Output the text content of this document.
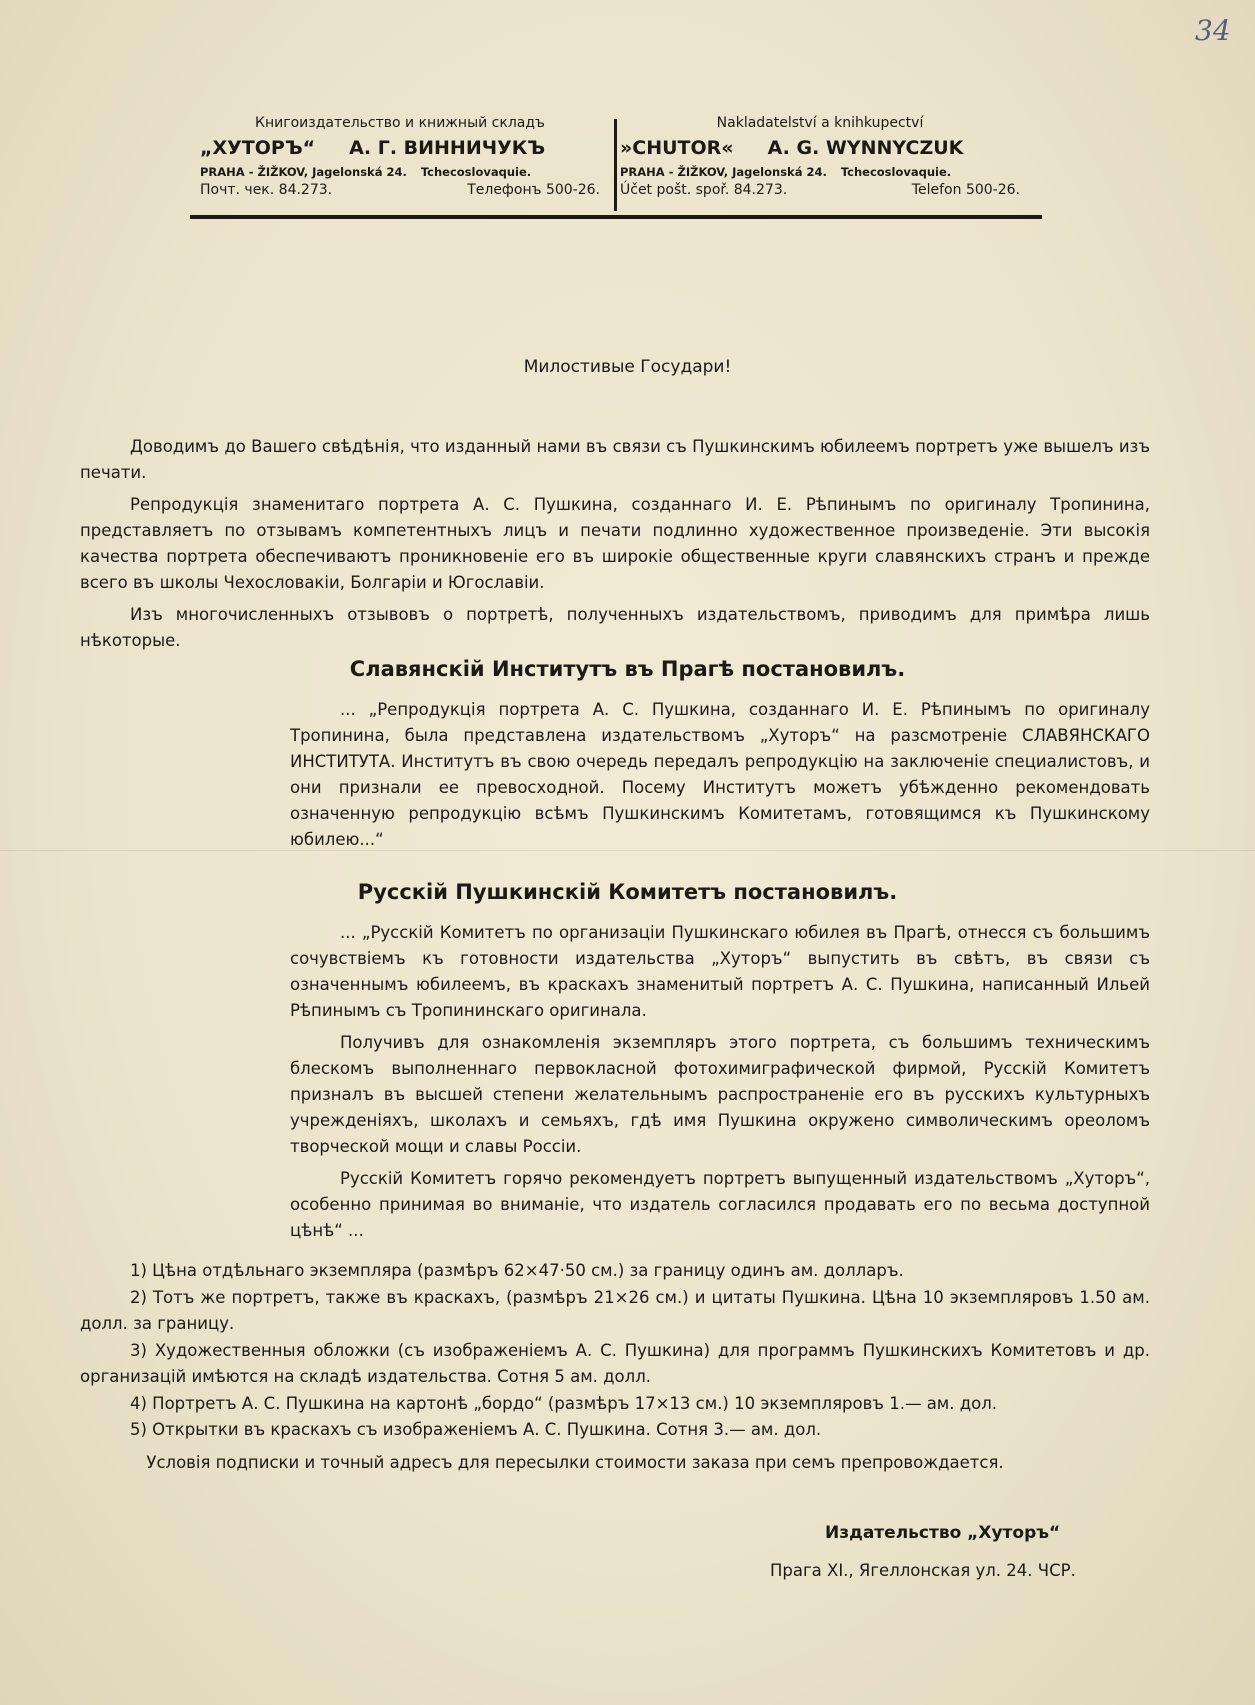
34
Книгоиздательство и книжный складъ
„ХУТОРЪ“ А. Г. ВИННИЧУКЪ
PRAHA - ŽIŽKOV, Jagelonská 24. Tchecoslovaquie.
Почт. чек. 84.273.	Телефонъ 500-26.
Nakladatelství a knihkupectví
»CHUTOR« A. G. WYNNYCZUK
PRAHA - ŽIŽKOV, Jagelonská 24. Tchecoslovaquie.
Účet pošt. spoř. 84.273.	Telefon 500-26.
Милостивые Государи!

Доводимъ до Вашего свѣдѣнія, что изданный нами въ связи съ Пушкинскимъ юбилеемъ портретъ уже вышелъ изъ печати.

Репродукція знаменитаго портрета А. С. Пушкина, созданнаго И. Е. Рѣпинымъ по оригиналу Тропинина, представляетъ по отзывамъ компетентныхъ лицъ и печати подлинно художественное произведеніе. Эти высокія качества портрета обеспечиваютъ проникновеніе его въ широкіе общественные круги славянскихъ странъ и прежде всего въ школы Чехословакіи, Болгаріи и Югославіи.

Изъ многочисленныхъ отзывовъ о портретѣ, полученныхъ издательствомъ, приводимъ для примѣра лишь нѣкоторые.

Славянскій Институтъ въ Прагѣ постановилъ.

... „Репродукція портрета А. С. Пушкина, созданнаго И. Е. Рѣпинымъ по оригиналу Тропинина, была представлена издательствомъ „Хуторъ“ на разсмотреніе СЛАВЯНСКАГО ИНСТИТУТА. Институтъ въ свою очередь передалъ репродукцію на заключеніе специалистовъ, и они признали ее превосходной. Посему Институтъ можетъ убѣжденно рекомендовать означенную репродукцію всѣмъ Пушкинскимъ Комитетамъ, готовящимся къ Пушкинскому юбилею...“

Русскій Пушкинскій Комитетъ постановилъ.

... „Русскій Комитетъ по организаціи Пушкинскаго юбилея въ Прагѣ, отнесся съ большимъ сочувствіемъ къ готовности издательства „Хуторъ“ выпустить въ свѣтъ, въ связи съ означеннымъ юбилеемъ, въ краскахъ знаменитый портретъ А. С. Пушкина, написанный Ильей Рѣпинымъ съ Тропининскаго оригинала.

Получивъ для ознакомленія экземпляръ этого портрета, съ большимъ техническимъ блескомъ выполненнаго первокласной фотохимиграфической фирмой, Русскій Комитетъ призналъ въ высшей степени желательнымъ распространеніе его въ русскихъ культурныхъ учрежденіяхъ, школахъ и семьяхъ, гдѣ имя Пушкина окружено символическимъ ореоломъ творческой мощи и славы Россіи.

Русскій Комитетъ горячо рекомендуетъ портретъ выпущенный издательствомъ „Хуторъ“, особенно принимая во вниманіе, что издатель согласился продавать его по весьма доступной цѣнѣ“ ...

1) Цѣна отдѣльнаго экземпляра (размѣръ 62×47·50 см.) за границу одинъ ам. долларъ.

2) Тотъ же портретъ, также въ краскахъ, (размѣръ 21×26 см.) и цитаты Пушкина. Цѣна 10 экземпляровъ 1.50 ам. долл. за границу.

3) Художественныя обложки (съ изображеніемъ А. С. Пушкина) для программъ Пушкинскихъ Комитетовъ и др. организацій имѣются на складѣ издательства. Сотня 5 ам. долл.

4) Портретъ А. С. Пушкина на картонѣ „бордо“ (размѣръ 17×13 см.) 10 экземпляровъ 1.— ам. дол.

5) Открытки въ краскахъ съ изображеніемъ А. С. Пушкина. Сотня 3.— ам. дол.

Условія подписки и точный адресъ для пересылки стоимости заказа при семъ препровождается.
Издательство „Хуторъ“
Прага XI., Ягеллонская ул. 24. ЧСР.
